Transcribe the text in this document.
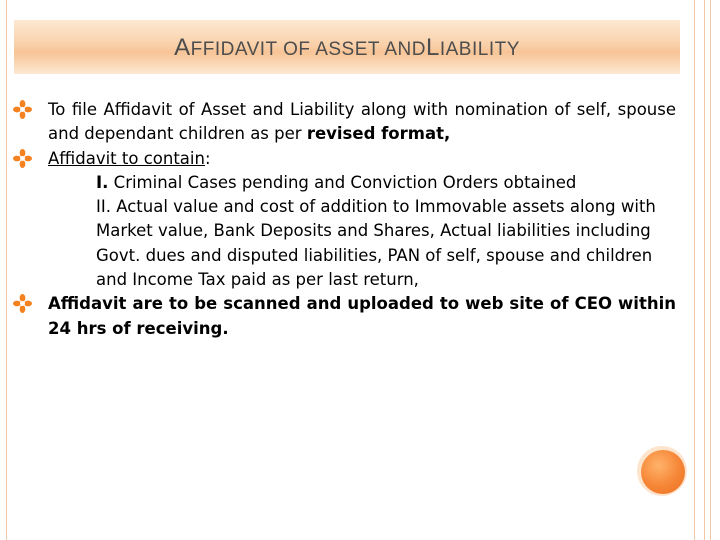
AFFIDAVIT OF ASSET ANDLIABILITY
To file Affidavit of Asset and Liability along with nomination of self, spouse and dependant children as per revised format,
Affidavit to contain:
I. Criminal Cases pending and Conviction Orders obtained
II. Actual value and cost of addition to Immovable assets along with Market value, Bank Deposits and Shares, Actual liabilities including Govt. dues and disputed liabilities, PAN of self, spouse and children and Income Tax paid as per last return,
Affidavit are to be scanned and uploaded to web site of CEO within 24 hrs of receiving.
